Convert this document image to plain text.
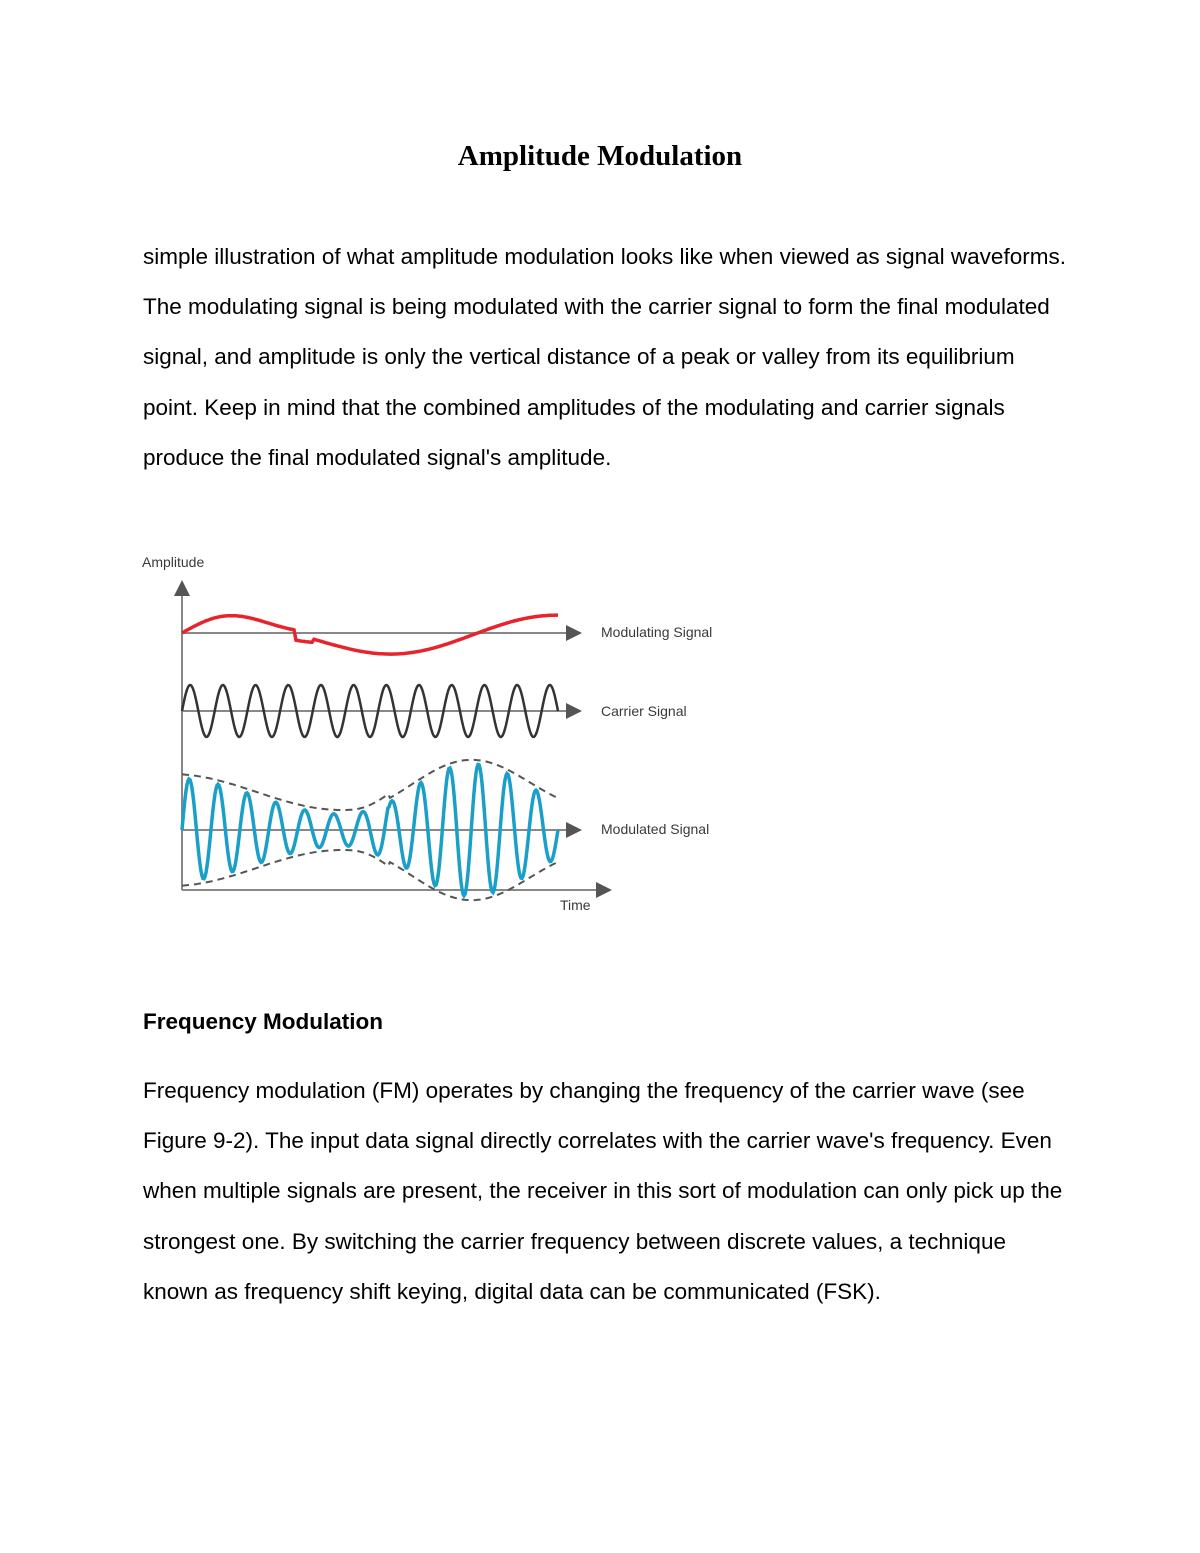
Amplitude Modulation

simple illustration of what amplitude modulation looks like when viewed as signal waveforms. The modulating signal is being modulated with the carrier signal to form the final modulated signal, and amplitude is only the vertical distance of a peak or valley from its equilibrium point. Keep in mind that the combined amplitudes of the modulating and carrier signals produce the final modulated signal's amplitude.

Amplitude
Time
Modulating Signal
Carrier Signal
Modulated Signal

Frequency Modulation

Frequency modulation (FM) operates by changing the frequency of the carrier wave (see Figure 9-2). The input data signal directly correlates with the carrier wave's frequency. Even when multiple signals are present, the receiver in this sort of modulation can only pick up the strongest one. By switching the carrier frequency between discrete values, a technique known as frequency shift keying, digital data can be communicated (FSK).
